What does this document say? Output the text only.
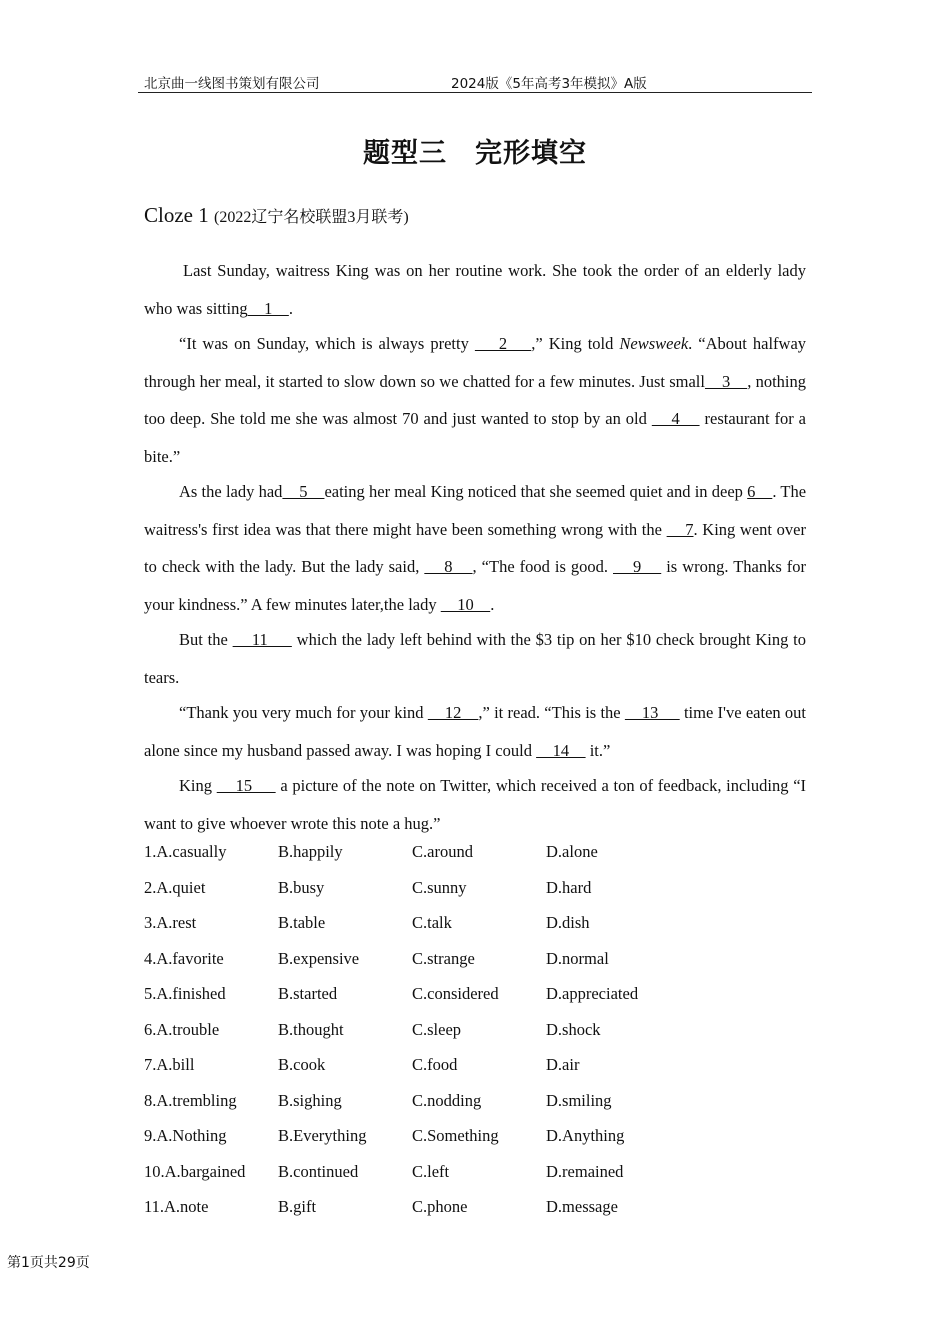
北京曲一线图书策划有限公司	2024版《5年高考3年模拟》A版
题型三 完形填空
Cloze 1 (2022辽宁名校联盟3月联考)

Last Sunday, waitress King was on her routine work. She took the order of an elderly lady who was sitting    1    .

“It was on Sunday, which is always pretty     2    ,” King told Newsweek. “About halfway through her meal, it started to slow down so we chatted for a few minutes. Just small    3    , nothing too deep. She told me she was almost 70 and just wanted to stop by an old     4     restaurant for a bite.”

As the lady had    5    eating her meal King noticed that she seemed quiet and in deep 6    . The waitress's first idea was that there might have been something wrong with the     7. King went over to check with the lady. But the lady said,     8    , “The food is good.     9     is wrong. Thanks for your kindness.” A few minutes later,the lady     10    .

But the     11      which the lady left behind with the $3 tip on her $10 check brought King to tears.

“Thank you very much for your kind     12    ,” it read. “This is the     13      time I've eaten out alone since my husband passed away. I was hoping I could     14     it.”

King     15      a picture of the note on Twitter, which received a ton of feedback, including “I want to give whoever wrote this note a hug.”

1.A.casually	B.happily	C.around	D.alone
2.A.quiet	B.busy	C.sunny	D.hard
3.A.rest	B.table	C.talk	D.dish
4.A.favorite	B.expensive	C.strange	D.normal
5.A.finished	B.started	C.considered	D.appreciated
6.A.trouble	B.thought	C.sleep	D.shock
7.A.bill	B.cook	C.food	D.air
8.A.trembling	B.sighing	C.nodding	D.smiling
9.A.Nothing	B.Everything	C.Something	D.Anything
10.A.bargained B.continued	C.left	D.remained
11.A.note	B.gift	C.phone	D.message
第1页共29页
